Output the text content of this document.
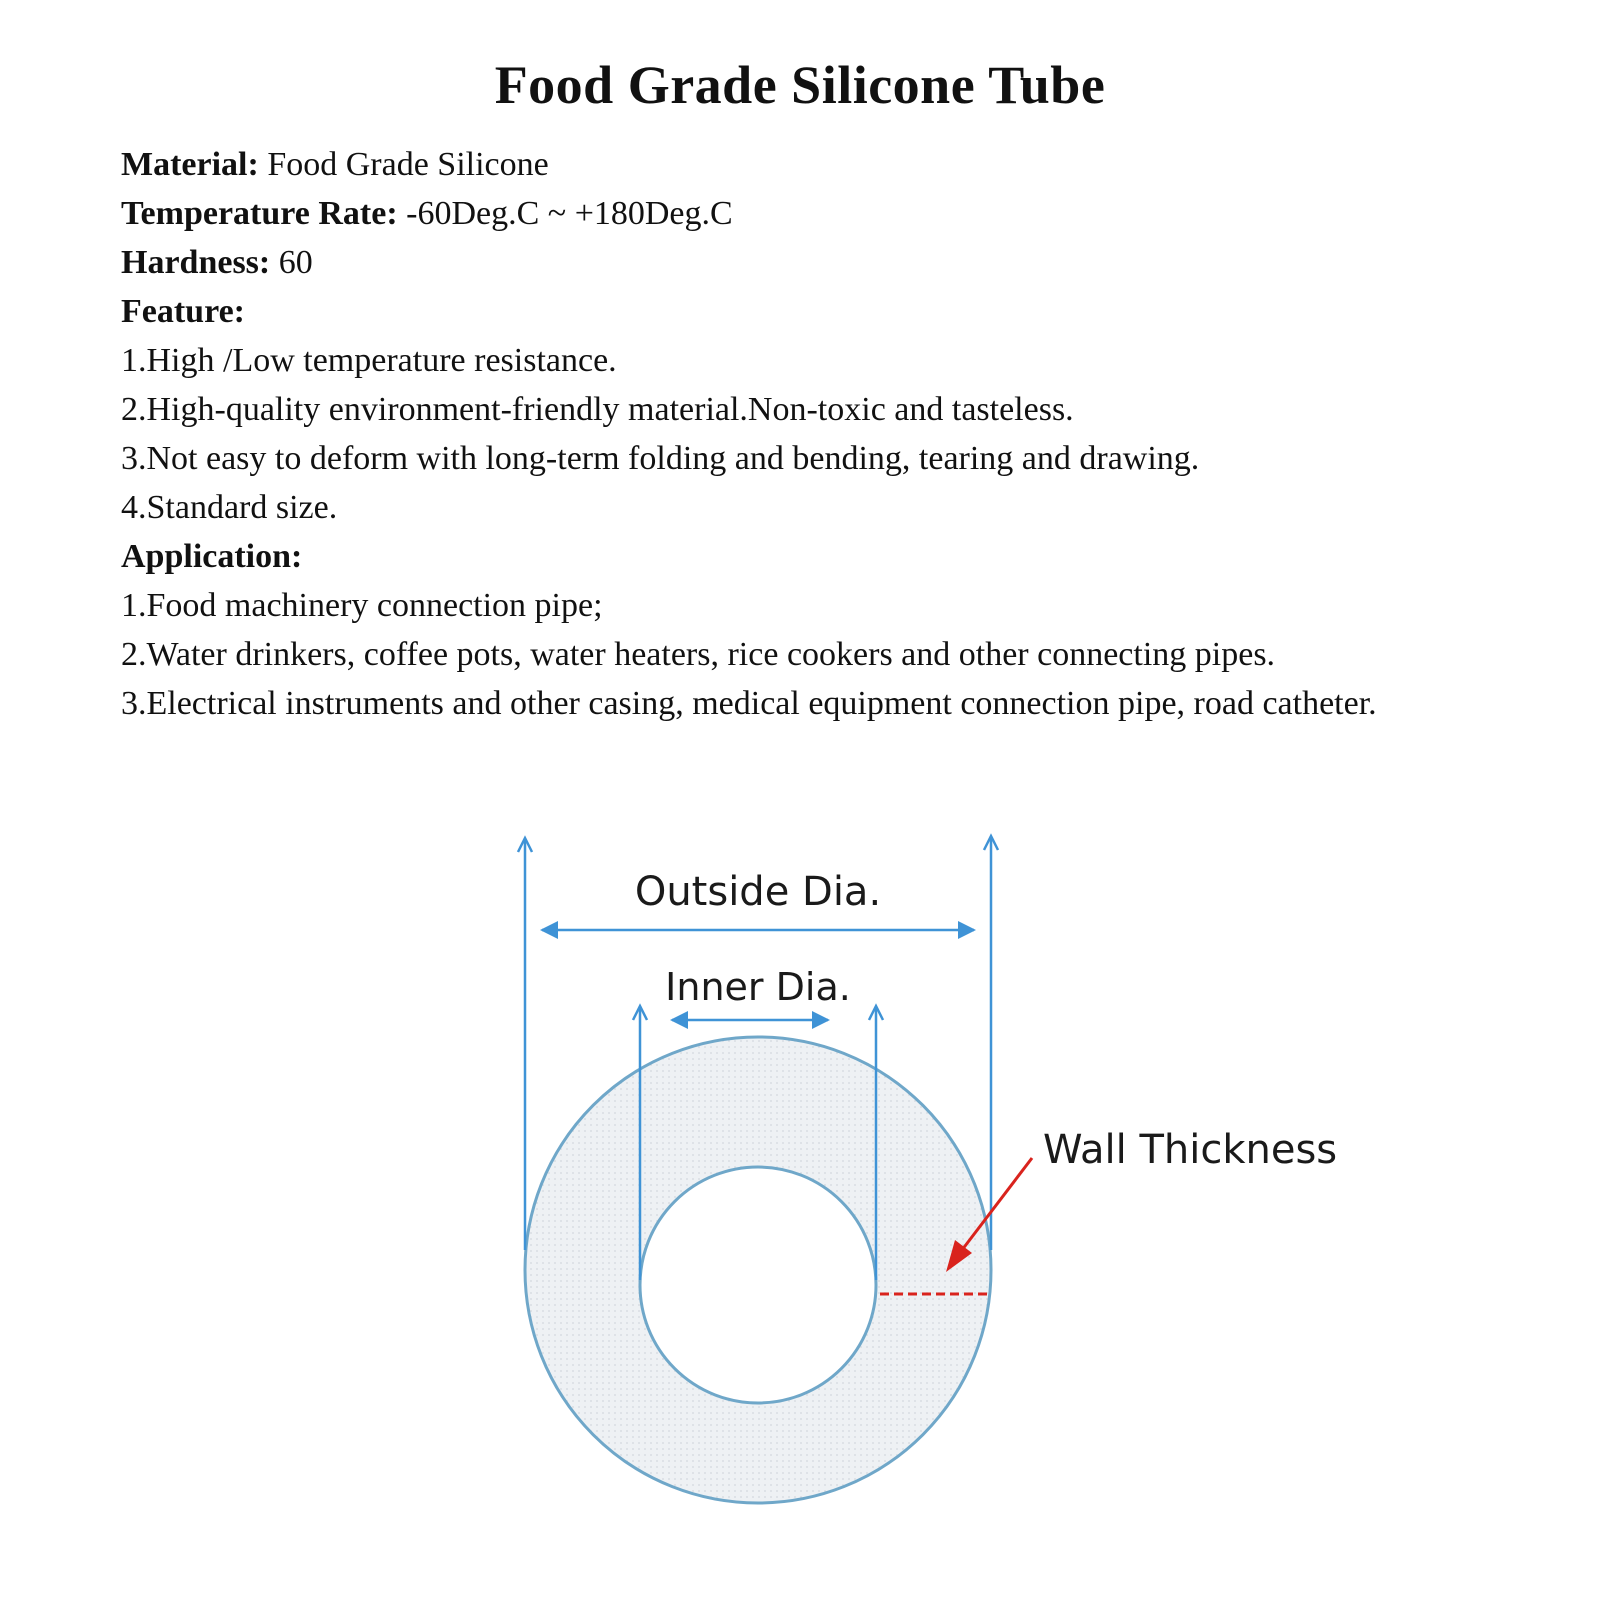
Food Grade Silicone Tube

Material: Food Grade Silicone

Temperature Rate: -60Deg.C ~ +180Deg.C

Hardness: 60

Feature:

1.High /Low temperature resistance.

2.High-quality environment-friendly material.Non-toxic and tasteless.

3.Not easy to deform with long-term folding and bending, tearing and drawing.

4.Standard size.

Application:

1.Food machinery connection pipe;

2.Water drinkers, coffee pots, water heaters, rice cookers and other connecting pipes.

3.Electrical instruments and other casing, medical equipment connection pipe, road catheter.

Outside Dia.
Inner Dia.
Wall Thickness
